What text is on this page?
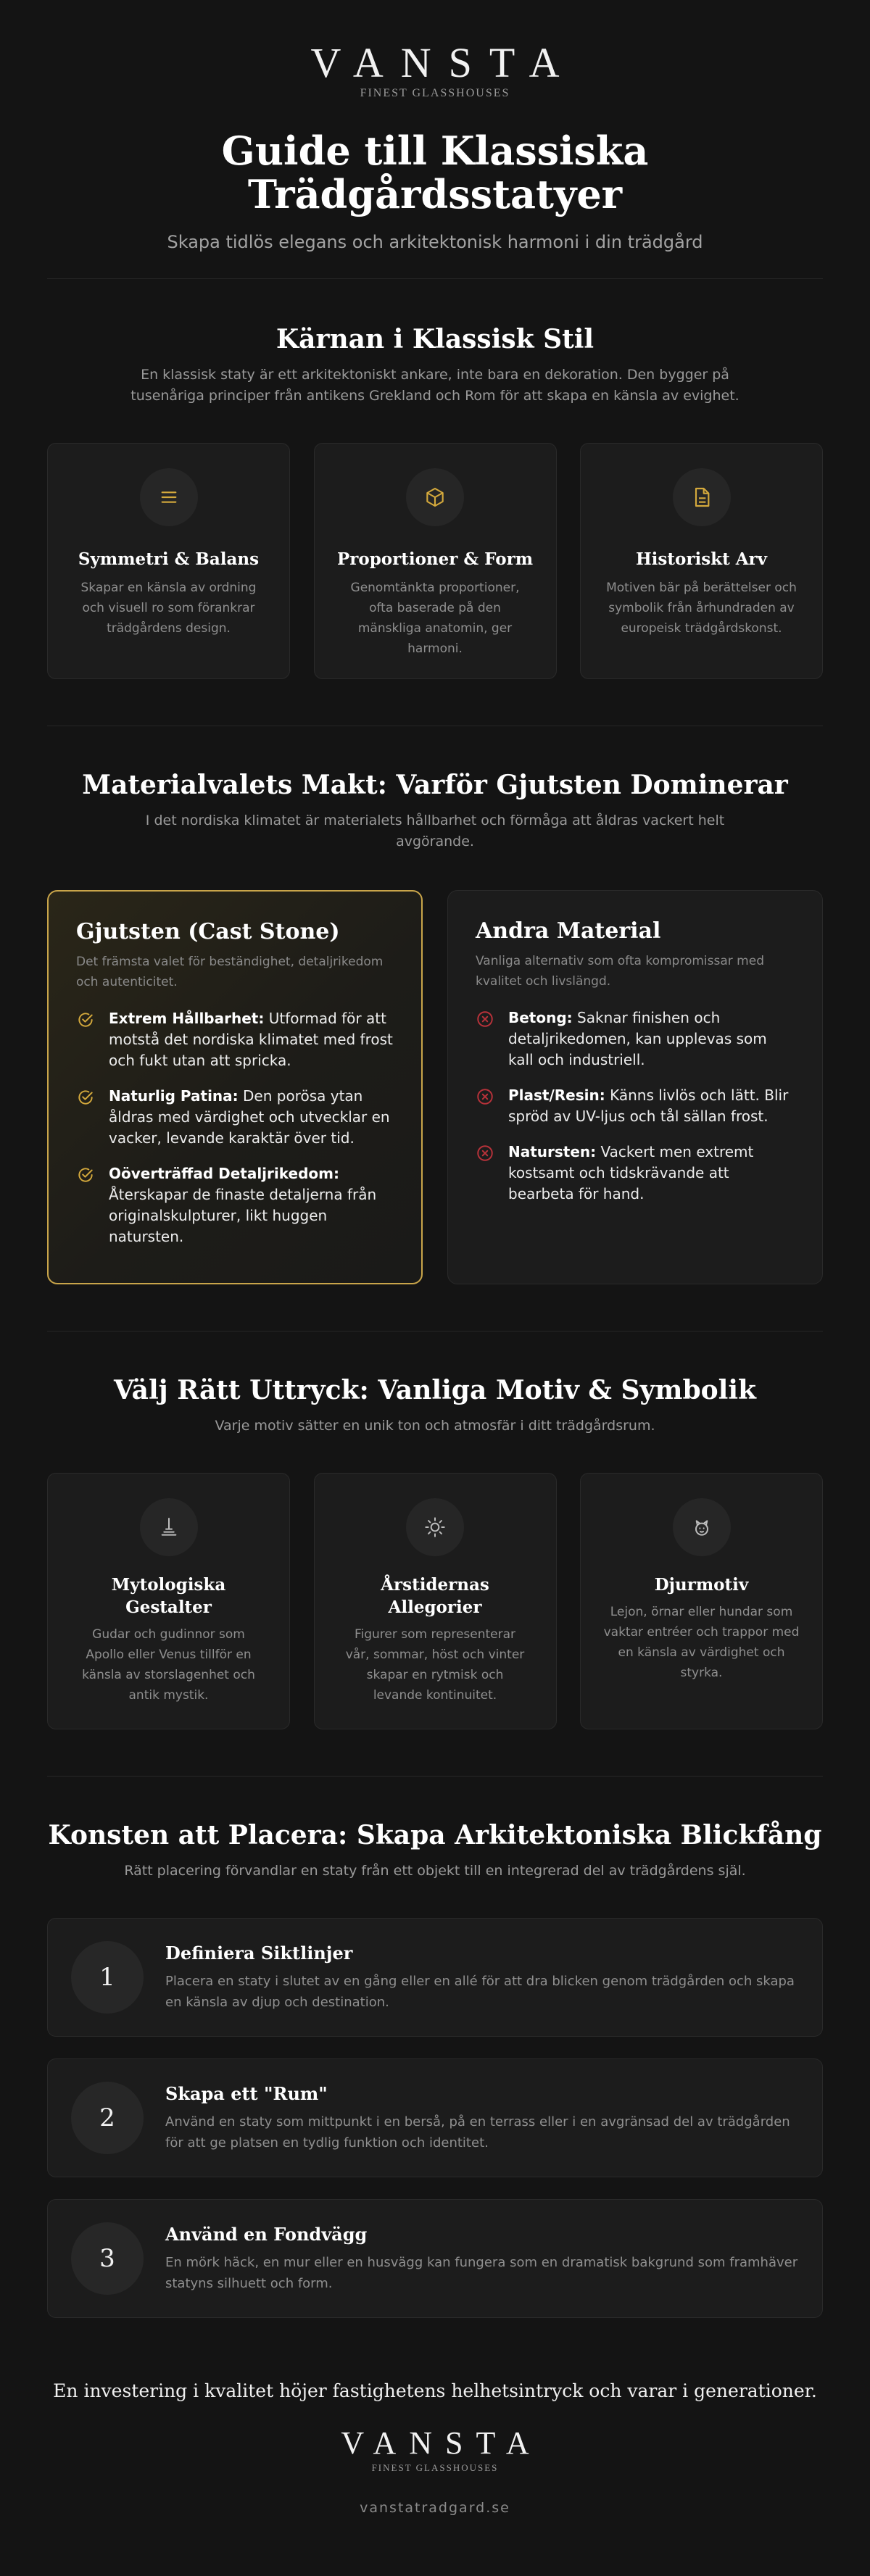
VANSTA
FINEST GLASSHOUSES
Guide till Klassiska Trädgårdsstatyer

Skapa tidlös elegans och arkitektonisk harmoni i din trädgård

Kärnan i Klassisk Stil

En klassisk staty är ett arkitektoniskt ankare, inte bara en dekoration. Den bygger på tusenåriga principer från antikens Grekland och Rom för att skapa en känsla av evighet.

Symmetri & Balans
Skapar en känsla av ordning och visuell ro som förankrar trädgårdens design.
Proportioner & Form
Genomtänkta proportioner, ofta baserade på den mänskliga anatomin, ger harmoni.
Historiskt Arv
Motiven bär på berättelser och symbolik från århundraden av europeisk trädgårdskonst.
Materialvalets Makt: Varför Gjutsten Dominerar

I det nordiska klimatet är materialets hållbarhet och förmåga att åldras vackert helt avgörande.

Gjutsten (Cast Stone)
Det främsta valet för beständighet, detaljrikedom och autenticitet.
Extrem Hållbarhet: Utformad för att motstå det nordiska klimatet med frost och fukt utan att spricka.
Naturlig Patina: Den porösa ytan åldras med värdighet och utvecklar en vacker, levande karaktär över tid.
Oöverträffad Detaljrikedom: Återskapar de finaste detaljerna från originalskulpturer, likt huggen natursten.
Andra Material
Vanliga alternativ som ofta kompromissar med kvalitet och livslängd.
Betong: Saknar finishen och detaljrikedomen, kan upplevas som kall och industriell.
Plast/Resin: Känns livlös och lätt. Blir spröd av UV-ljus och tål sällan frost.
Natursten: Vackert men extremt kostsamt och tidskrävande att bearbeta för hand.
Välj Rätt Uttryck: Vanliga Motiv & Symbolik

Varje motiv sätter en unik ton och atmosfär i ditt trädgårdsrum.

Mytologiska Gestalter
Gudar och gudinnor som Apollo eller Venus tillför en känsla av storslagenhet och antik mystik.
Årstidernas Allegorier
Figurer som representerar vår, sommar, höst och vinter skapar en rytmisk och levande kontinuitet.
Djurmotiv
Lejon, örnar eller hundar som vaktar entréer och trappor med en känsla av värdighet och styrka.
Konsten att Placera: Skapa Arkitektoniska Blickfång

Rätt placering förvandlar en staty från ett objekt till en integrerad del av trädgårdens själ.

1
Definiera Siktlinjer
Placera en staty i slutet av en gång eller en allé för att dra blicken genom trädgården och skapa en känsla av djup och destination.
2
Skapa ett "Rum"
Använd en staty som mittpunkt i en berså, på en terrass eller i en avgränsad del av trädgården för att ge platsen en tydlig funktion och identitet.
3
Använd en Fondvägg
En mörk häck, en mur eller en husvägg kan fungera som en dramatisk bakgrund som framhäver statyns silhuett och form.

En investering i kvalitet höjer fastighetens helhetsintryck och varar i generationer.

VANSTA
FINEST GLASSHOUSES
vanstatradgard.se
